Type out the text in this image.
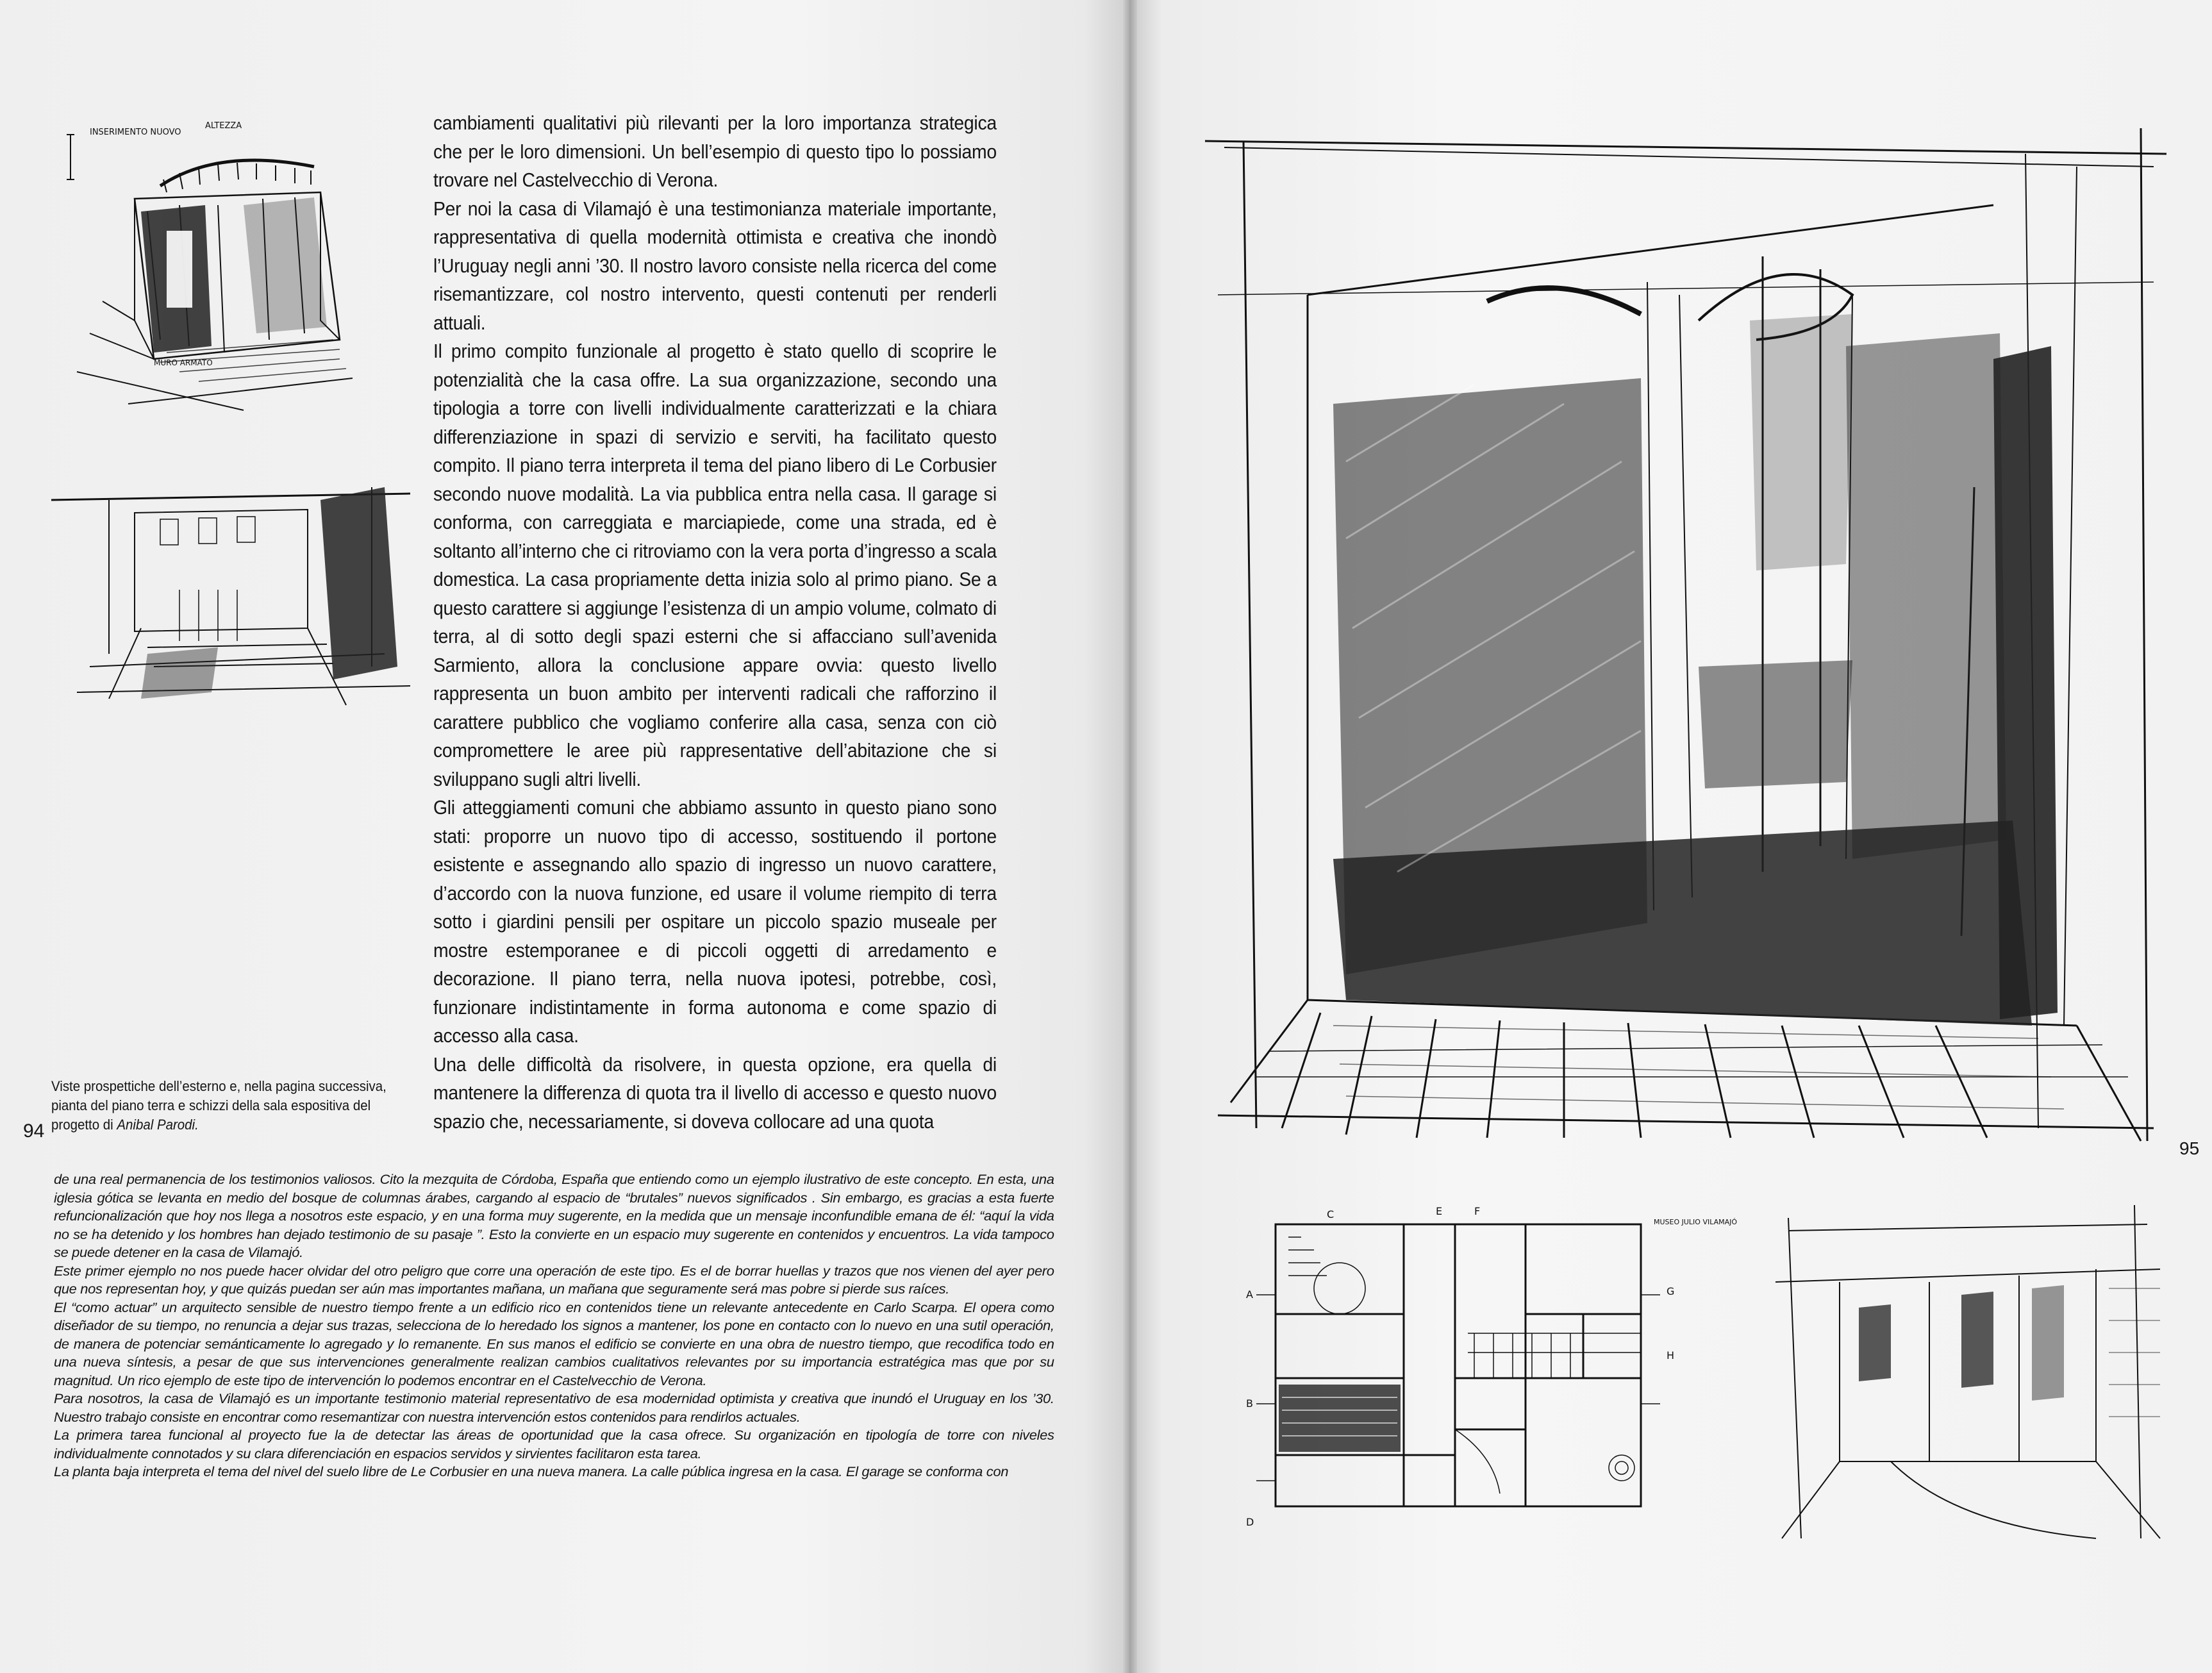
INSERIMENTO NUOVO
ALTEZZA
MURO ARMATO

cambiamenti qualitativi più rilevanti per la loro importanza strategica che per le loro dimensioni. Un bell’esempio di questo tipo lo possiamo trovare nel Castelvecchio di Verona.

Per noi la casa di Vilamajó è una testimonianza materiale importante, rappresentativa di quella modernità ottimista e creativa che inondò l’Uruguay negli anni ’30. Il nostro lavoro consiste nella ricerca del come risemantizzare, col nostro intervento, questi contenuti per renderli attuali.

Il primo compito funzionale al progetto è stato quello di scoprire le potenzialità che la casa offre. La sua organizzazione, secondo una tipologia a torre con livelli individualmente caratterizzati e la chiara differenziazione in spazi di servizio e serviti, ha facilitato questo compito. Il piano terra interpreta il tema del piano libero di Le Corbusier secondo nuove modalità. La via pubblica entra nella casa. Il garage si conforma, con carreggiata e marciapiede, come una strada, ed è soltanto all’interno che ci ritroviamo con la vera porta d’ingresso a scala domestica. La casa propriamente detta inizia solo al primo piano. Se a questo carattere si aggiunge l’esistenza di un ampio volume, colmato di terra, al di sotto degli spazi esterni che si affacciano sull’avenida Sarmiento, allora la conclusione appare ovvia: questo livello rappresenta un buon ambito per interventi radicali che rafforzino il carattere pubblico che vogliamo conferire alla casa, senza con ciò compromettere le aree più rappresentative dell’abitazione che si sviluppano sugli altri livelli.

Gli atteggiamenti comuni che abbiamo assunto in questo piano sono stati: proporre un nuovo tipo di accesso, sostituendo il portone esistente e assegnando allo spazio di ingresso un nuovo carattere, d’accordo con la nuova funzione, ed usare il volume riempito di terra sotto i giardini pensili per ospitare un piccolo spazio museale per mostre estemporanee e di piccoli oggetti di arredamento e decorazione. Il piano terra, nella nuova ipotesi, potrebbe, così, funzionare indistintamente in forma autonoma e come spazio di accesso alla casa.

Una delle difficoltà da risolvere, in questa opzione, era quella di mantenere la differenza di quota tra il livello di accesso e questo nuovo spazio che, necessariamente, si doveva collocare ad una quota

Viste prospettiche dell’esterno e, nella pagina successiva, pianta del piano terra e schizzi della sala espositiva del progetto di Anibal Parodi.
94

de una real permanencia de los testimonios valiosos. Cito la mezquita de Córdoba, España que entiendo como un ejemplo ilustrativo de este concepto. En esta, una iglesia gótica se levanta en medio del bosque de columnas árabes, cargando al espacio de “brutales” nuevos significados . Sin embargo, es gracias a esta fuerte refuncionalización que hoy nos llega a nosotros este espacio, y en una forma muy sugerente, en la medida que un mensaje inconfundible emana de él: “aquí la vida no se ha detenido y los hombres han dejado testimonio de su pasaje ”. Esto la convierte en un espacio muy sugerente en contenidos y encuentros. La vida tampoco se puede detener en la casa de Vilamajó.

Este primer ejemplo no nos puede hacer olvidar del otro peligro que corre una operación de este tipo. Es el de borrar huellas y trazos que nos vienen del ayer pero que nos representan hoy, y que quizás puedan ser aún mas importantes mañana, un mañana que seguramente será mas pobre si pierde sus raíces.

El “como actuar” un arquitecto sensible de nuestro tiempo frente a un edificio rico en contenidos tiene un relevante antecedente en Carlo Scarpa. El opera como diseñador de su tiempo, no renuncia a dejar sus trazas, selecciona de lo heredado los signos a mantener, los pone en contacto con lo nuevo en una sutil operación, de manera de potenciar semánticamente lo agregado y lo remanente. En sus manos el edificio se convierte en una obra de nuestro tiempo, que recodifica todo en una nueva síntesis, a pesar de que sus intervenciones generalmente realizan cambios cualitativos relevantes por su importancia estratégica mas que por su magnitud. Un rico ejemplo de este tipo de intervención lo podemos encontrar en el Castelvecchio de Verona.

Para nosotros, la casa de Vilamajó es un importante testimonio material representativo de esa modernidad optimista y creativa que inundó el Uruguay en los ’30. Nuestro trabajo consiste en encontrar como resemantizar con nuestra intervención estos contenidos para rendirlos actuales.

La primera tarea funcional al proyecto fue la de detectar las áreas de oportunidad que la casa ofrece. Su organización en tipología de torre con niveles individualmente connotados y su clara diferenciación en espacios servidos y sirvientes facilitaron esta tarea.

La planta baja interpreta el tema del nivel del suelo libre de Le Corbusier en una nueva manera. La calle pública ingresa en la casa. El garage se conforma con

95
A
B
C
D
E	F
G
H
MUSEO JULIO VILAMAJÓ
